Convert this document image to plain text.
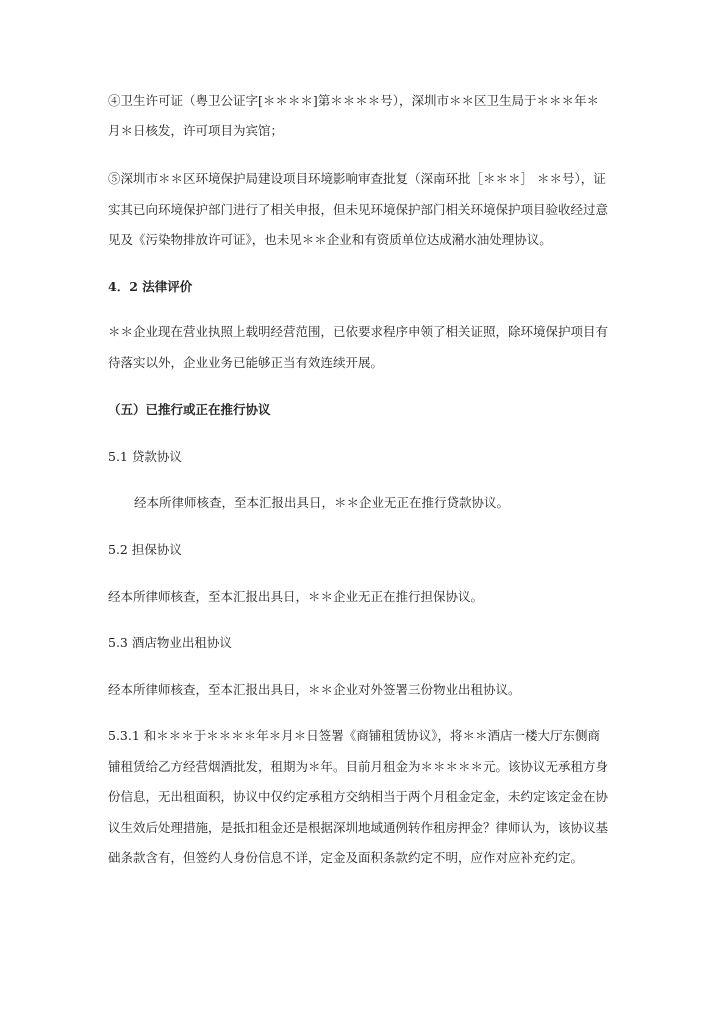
④卫生许可证（粤卫公证字[＊＊＊＊]第＊＊＊＊号），深圳市＊＊区卫生局于＊＊＊年＊
月＊日核发，许可项目为宾馆；
⑤深圳市＊＊区环境保护局建设项目环境影响审查批复（深南环批［＊＊＊］ ＊＊号），证
实其已向环境保护部门进行了相关申报，但未见环境保护部门相关环境保护项目验收经过意
见及《污染物排放许可证》，也未见＊＊企业和有资质单位达成潲水油处理协议。
4．2 法律评价
＊＊企业现在营业执照上载明经营范围，已依要求程序申领了相关证照，除环境保护项目有
待落实以外，企业业务已能够正当有效连续开展。
（五）已推行或正在推行协议
5.1 贷款协议
经本所律师核查，至本汇报出具日，＊＊企业无正在推行贷款协议。
5.2 担保协议
经本所律师核查，至本汇报出具日，＊＊企业无正在推行担保协议。
5.3 酒店物业出租协议
经本所律师核查，至本汇报出具日，＊＊企业对外签署三份物业出租协议。
5.3.1 和＊＊＊于＊＊＊＊年＊月＊日签署《商铺租赁协议》，将＊＊酒店一楼大厅东侧商
铺租赁给乙方经营烟酒批发，租期为＊年。目前月租金为＊＊＊＊＊元。该协议无承租方身
份信息，无出租面积，协议中仅约定承租方交纳相当于两个月租金定金，未约定该定金在协
议生效后处理措施，是抵扣租金还是根据深圳地域通例转作租房押金？律师认为，该协议基
础条款含有，但签约人身份信息不详，定金及面积条款约定不明，应作对应补充约定。
